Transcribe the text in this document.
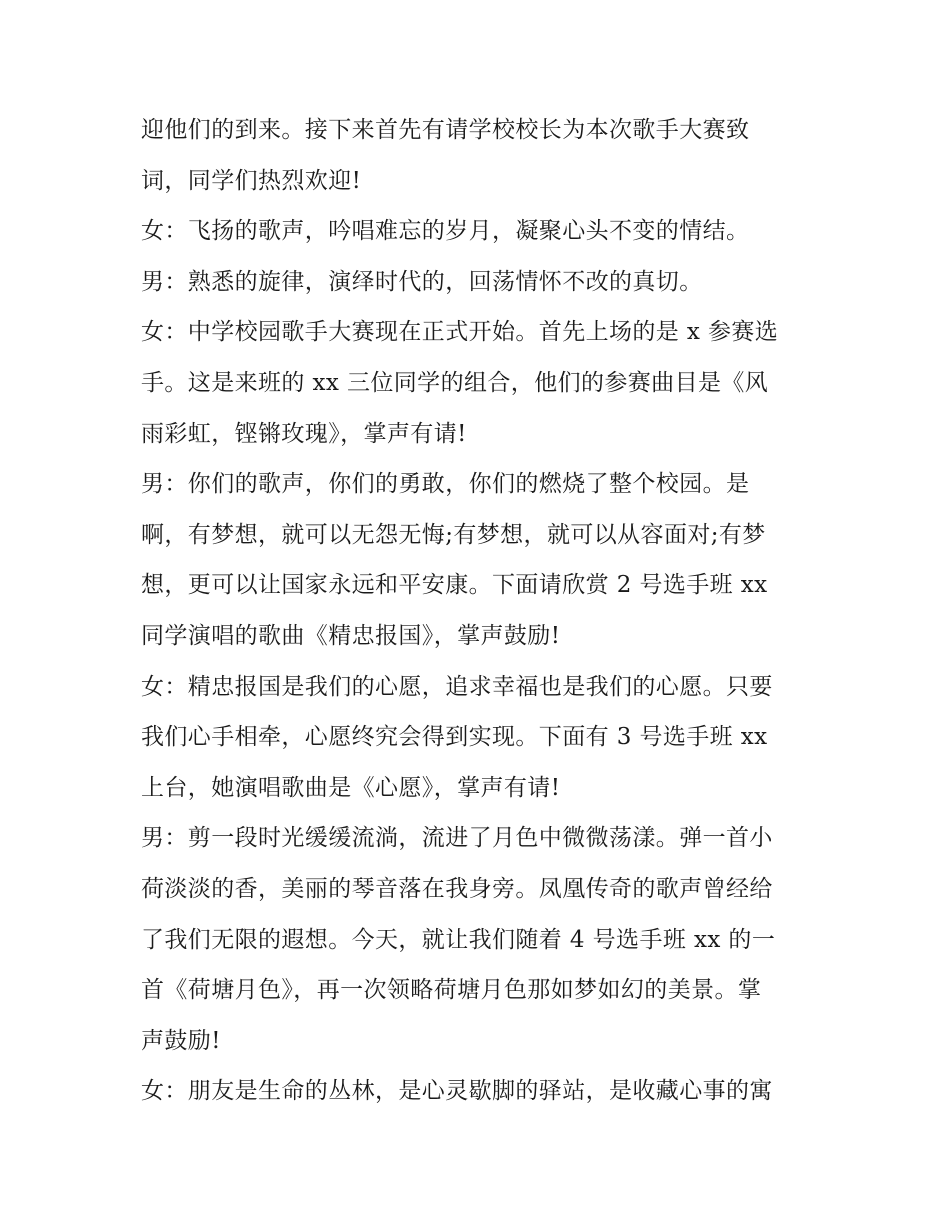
迎他们的到来。接下来首先有请学校校长为本次歌手大赛致
词，同学们热烈欢迎!
女：飞扬的歌声，吟唱难忘的岁月，凝聚心头不变的情结。
男：熟悉的旋律，演绎时代的，回荡情怀不改的真切。
女：中学校园歌手大赛现在正式开始。首先上场的是 x 参赛选
手。这是来班的 xx 三位同学的组合，他们的参赛曲目是《风
雨彩虹，铿锵玫瑰》，掌声有请!
男：你们的歌声，你们的勇敢，你们的燃烧了整个校园。是
啊，有梦想，就可以无怨无悔;有梦想，就可以从容面对;有梦
想，更可以让国家永远和平安康。下面请欣赏 2 号选手班 xx
同学演唱的歌曲《精忠报国》，掌声鼓励!
女：精忠报国是我们的心愿，追求幸福也是我们的心愿。只要
我们心手相牵，心愿终究会得到实现。下面有 3 号选手班 xx
上台，她演唱歌曲是《心愿》，掌声有请!
男：剪一段时光缓缓流淌，流进了月色中微微荡漾。弹一首小
荷淡淡的香，美丽的琴音落在我身旁。凤凰传奇的歌声曾经给
了我们无限的遐想。今天，就让我们随着 4 号选手班 xx 的一
首《荷塘月色》，再一次领略荷塘月色那如梦如幻的美景。掌
声鼓励!
女：朋友是生命的丛林，是心灵歇脚的驿站，是收藏心事的寓
